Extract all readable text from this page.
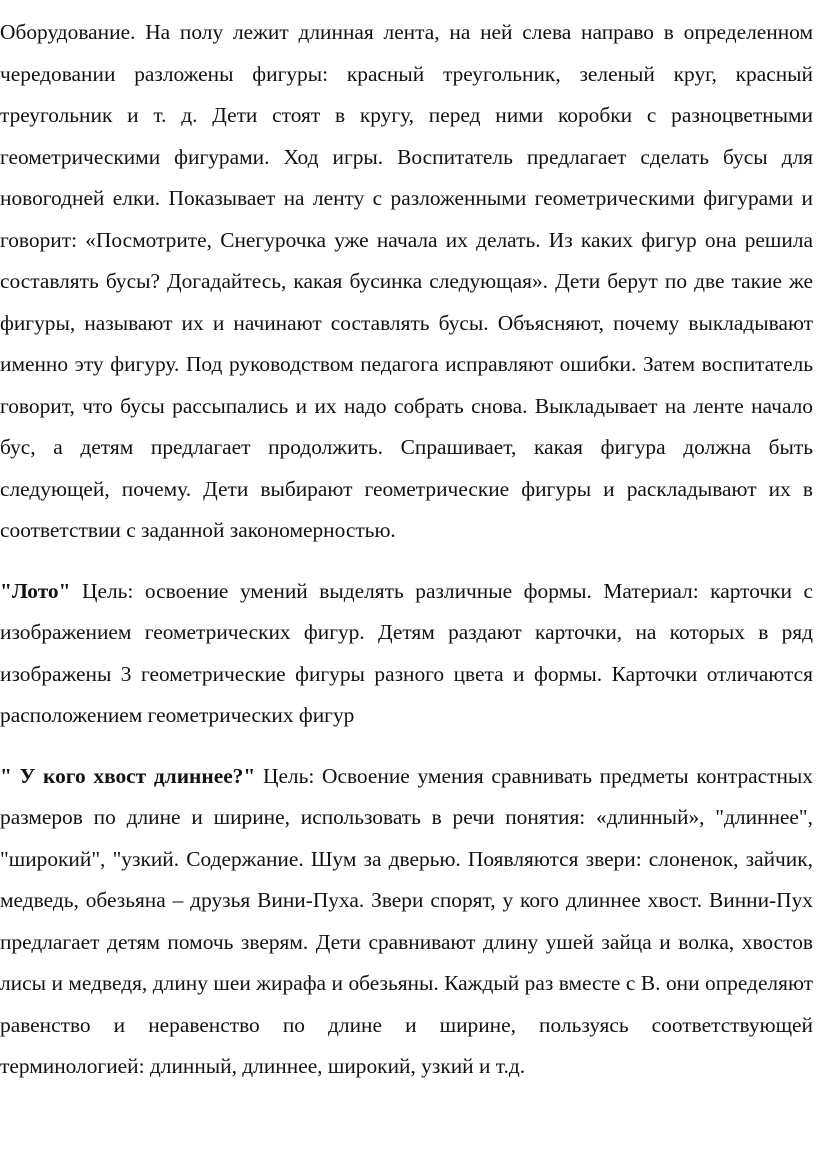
Оборудование. На полу лежит длинная лента, на ней слева направо в определенном чередовании разложены фигуры: красный треугольник, зеленый круг, красный треугольник и т. д. Дети стоят в кругу, перед ними коробки с разноцветными геометрическими фигурами. Ход игры. Воспитатель предлагает сделать бусы для новогодней елки. Показывает на ленту с разложенными геометрическими фигурами и говорит: «Посмотрите, Снегурочка уже начала их делать. Из каких фигур она решила составлять бусы? Догадайтесь, какая бусинка следующая». Дети берут по две такие же фигуры, называют их и начинают составлять бусы. Объясняют, почему выкладывают именно эту фигуру. Под руководством педагога исправляют ошибки. Затем воспитатель говорит, что бусы рассыпались и их надо собрать снова. Выкладывает на ленте начало бус, а детям предлагает продолжить. Спрашивает, какая фигура должна быть следующей, почему. Дети выбирают геометрические фигуры и раскладывают их в соответствии с заданной закономерностью.

"Лото" Цель: освоение умений выделять различные формы. Материал: карточки с изображением геометрических фигур. Детям раздают карточки, на которых в ряд изображены 3 геометрические фигуры разного цвета и формы. Карточки отличаются расположением геометрических фигур

" У кого хвост длиннее?" Цель: Освоение умения сравнивать предметы контрастных размеров по длине и ширине, использовать в речи понятия: «длинный», "длиннее", "широкий", "узкий. Содержание. Шум за дверью. Появляются звери: слоненок, зайчик, медведь, обезьяна – друзья Вини-Пуха. Звери спорят, у кого длиннее хвост. Винни-Пух предлагает детям помочь зверям. Дети сравнивают длину ушей зайца и волка, хвостов лисы и медведя, длину шеи жирафа и обезьяны. Каждый раз вместе с В. они определяют равенство и неравенство по длине и ширине, пользуясь соответствующей терминологией: длинный, длиннее, широкий, узкий и т.д.
